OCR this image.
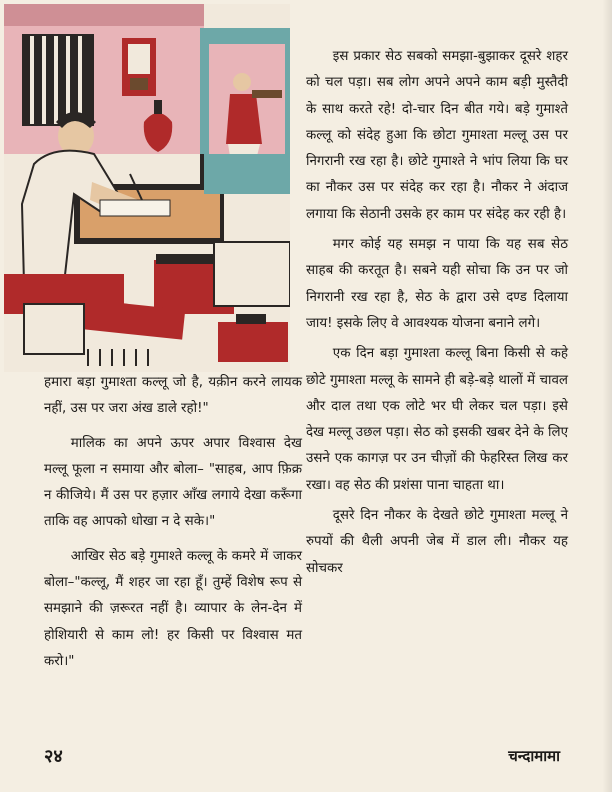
इस प्रकार सेठ सबको समझा-बुझाकर दूसरे शहर को चल पड़ा। सब लोग अपने अपने काम बड़ी मुस्तैदी के साथ करते रहे! दो-चार दिन बीत गये। बड़े गुमाश्ते कल्लू को संदेह हुआ कि छोटा गुमाश्ता मल्लू उस पर निगरानी रख रहा है। छोटे गुमाश्ते ने भांप लिया कि घर का नौकर उस पर संदेह कर रहा है। नौकर ने अंदाज लगाया कि सेठानी उसके हर काम पर संदेह कर रही है।

मगर कोई यह समझ न पाया कि यह सब सेठ साहब की करतूत है। सबने यही सोचा कि उन पर जो निगरानी रख रहा है, सेठ के द्वारा उसे दण्ड दिलाया जाय! इसके लिए वे आवश्यक योजना बनाने लगे।

एक दिन बड़ा गुमाश्ता कल्लू बिना किसी से कहे छोटे गुमाश्ता मल्लू के सामने ही बड़े-बड़े थालों में चावल और दाल तथा एक लोटे भर घी लेकर चल पड़ा। इसे देख मल्लू उछल पड़ा। सेठ को इसकी खबर देने के लिए उसने एक कागज़ पर उन चीज़ों की फेहरिस्त लिख कर रखा। वह सेठ की प्रशंसा पाना चाहता था।

दूसरे दिन नौकर के देखते छोटे गुमाश्ता मल्लू ने रुपयों की थैली अपनी जेब में डाल ली। नौकर यह सोचकर

हमारा बड़ा गुमाश्ता कल्लू जो है, यक़ीन करने लायक नहीं, उस पर जरा अंख डाले रहो!"

मालिक का अपने ऊपर अपार विश्वास देख मल्लू फूला न समाया और बोला– "साहब, आप फ़िक्र न कीजिये। मैं उस पर हज़ार आँख लगाये देखा करूँगा ताकि वह आपको धोखा न दे सके।"

आखिर सेठ बड़े गुमाश्ते कल्लू के कमरे में जाकर बोला–"कल्लू, मैं शहर जा रहा हूँ। तुम्हें विशेष रूप से समझाने की ज़रूरत नहीं है। व्यापार के लेन-देन में होशियारी से काम लो! हर किसी पर विश्वास मत करो।"

२४	चन्दामामा
